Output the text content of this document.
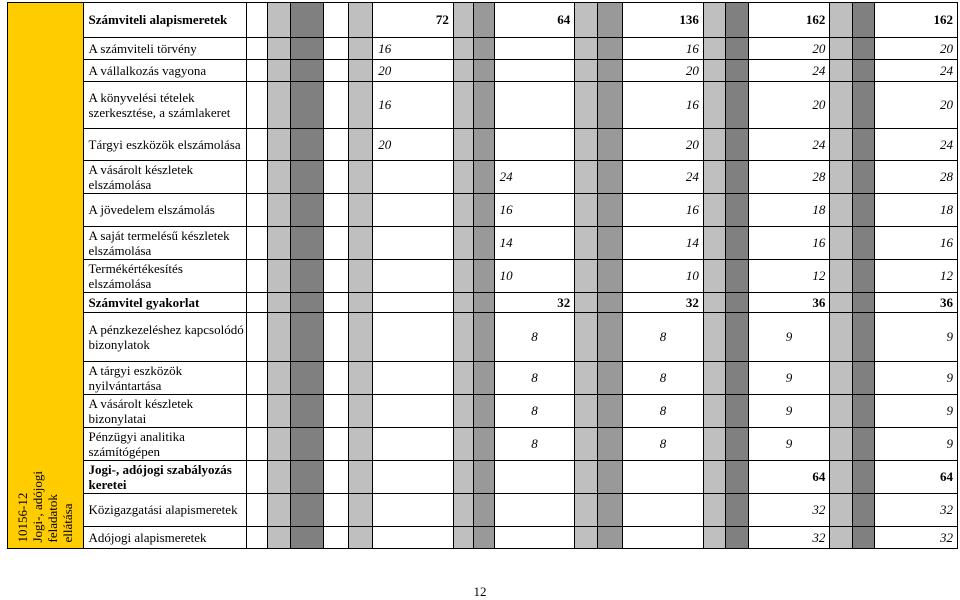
10156-12
Jogi-, adójogi
feladatok
ellátása	Számviteli alapismeretek						72			64			136			162			162
	A számviteli törvény						16						16			20			20
	A vállalkozás vagyona						20						20			24			24
	A könyvelési tételek szerkesztése, a számlakeret						16						16			20			20
	Tárgyi eszközök elszámolása						20						20			24			24
	A vásárolt készletek elszámolása									24			24			28			28
	A jövedelem elszámolás									16			16			18			18
	A saját termelésű készletek elszámolása									14			14			16			16
	Termékértékesítés elszámolása									10			10			12			12
	Számvitel gyakorlat									32			32			36			36
	A pénzkezeléshez kapcsolódó bizonylatok									8			8			9			9
	A tárgyi eszközök nyilvántartása									8			8			9			9
	A vásárolt készletek bizonylatai									8			8			9			9
	Pénzügyi analitika számítógépen									8			8			9			9
	Jogi-, adójogi szabályozás keretei															64			64
	Közigazgatási alapismeretek															32			32
	Adójogi alapismeretek															32			32
12
